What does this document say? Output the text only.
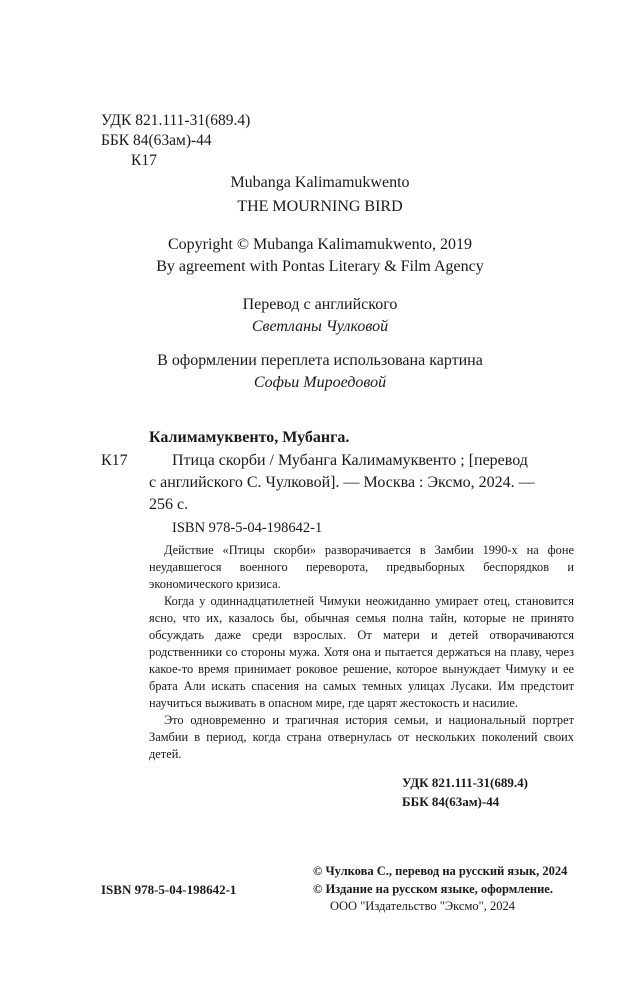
УДК 821.111-31(689.4)
ББК 84(63ам)-44
К17
Mubanga Kalimamukwento
THE MOURNING BIRD
Copyright © Mubanga Kalimamukwento, 2019
By agreement with Pontas Literary & Film Agency
Перевод с английского
Светланы Чулковой
В оформлении переплета использована картина
Софьи Мироедовой
Калимамуквенто, Мубанга.
К17	Птица скорби / Мубанга Калимамуквенто ; [перевод
с английского С. Чулковой]. — Москва : Эксмо, 2024. —
256 с.
ISBN 978-5-04-198642-1

Действие «Птицы скорби» разворачивается в Замбии 1990-х на фоне неудавшегося военного переворота, предвыборных беспорядков и экономического кризиса.

Когда у одиннадцатилетней Чимуки неожиданно умирает отец, становится ясно, что их, казалось бы, обычная семья полна тайн, которые не принято обсуждать даже среди взрослых. От матери и детей отворачиваются родственники со стороны мужа. Хотя она и пытается держаться на плаву, через какое-то время принимает роковое решение, которое вынуждает Чимуку и ее брата Али искать спасения на самых темных улицах Лусаки. Им предстоит научиться выживать в опасном мире, где царят жестокость и насилие.

Это одновременно и трагичная история семьи, и национальный портрет Замбии в период, когда страна отвернулась от нескольких поколений своих детей.

УДК 821.111-31(689.4)
ББК 84(63ам)-44
ISBN 978-5-04-198642-1
© Чулкова С., перевод на русский язык, 2024
© Издание на русском языке, оформление.
ООО "Издательство "Эксмо", 2024
